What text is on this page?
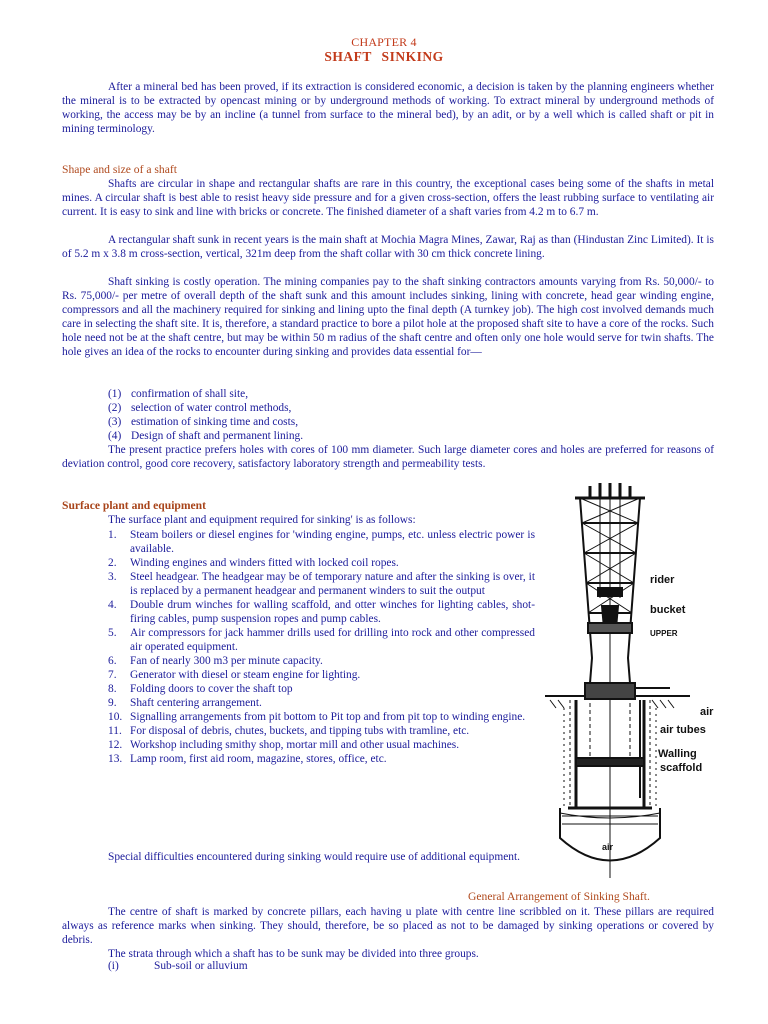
CHAPTER 4
SHAFT SINKING

After a mineral bed has been proved, if its extraction is considered economic, a decision is taken by the planning engineers whether the mineral is to be extracted by opencast mining or by underground methods of working. To extract mineral by underground methods of working, the access may be by an incline (a tunnel from surface to the mineral bed), by an adit, or by a well which is called shaft or pit in mining terminology.

Shape and size of a shaft

Shafts are circular in shape and rectangular shafts are rare in this country, the exceptional cases being some of the shafts in metal mines. A circular shaft is best able to resist heavy side pressure and for a given cross-section, offers the least rubbing surface to ventilating air current. It is easy to sink and line with bricks or concrete. The finished diameter of a shaft varies from 4.2 m to 6.7 m.

A rectangular shaft sunk in recent years is the main shaft at Mochia Magra Mines, Zawar, Raj as than (Hindustan Zinc Limited). It is of 5.2 m x 3.8 m cross-section, vertical, 321m deep from the shaft collar with 30 cm thick concrete lining.

Shaft sinking is costly operation. The mining companies pay to the shaft sinking contractors amounts varying from Rs. 50,000/- to Rs. 75,000/- per metre of overall depth of the shaft sunk and this amount includes sinking, lining with concrete, head gear winding engine, compressors and all the machinery required for sinking and lining upto the final depth (A turnkey job). The high cost involved demands much care in selecting the shaft site. It is, therefore, a standard practice to bore a pilot hole at the proposed shaft site to have a core of the rocks. Such hole need not be at the shaft centre, but may be within 50 m radius of the shaft centre and often only one hole would serve for twin shafts. The hole gives an idea of the rocks to encounter during sinking and provides data essential for—

(1) confirmation of shall site,
(2) selection of water control methods,
(3) estimation of sinking time and costs,
(4) Design of shaft and permanent lining.

The present practice prefers holes with cores of 100 mm diameter. Such large diameter cores and holes are preferred for reasons of deviation control, good core recovery, satisfactory laboratory strength and permeability tests.

Surface plant and equipment
The surface plant and equipment required for sinking' is as follows:
1. Steam boilers or diesel engines for 'winding engine, pumps, etc. unless electric power is available.
2. Winding engines and winders fitted with locked coil ropes.
3. Steel headgear. The headgear may be of temporary nature and after the sinking is over, it is replaced by a permanent headgear and permanent winders to suit the output
4. Double drum winches for walling scaffold, and otter winches for lighting cables, shot-firing cables, pump suspension ropes and pump cables.
5. Air compressors for jack hammer drills used for drilling into rock and other compressed air operated equipment.
6. Fan of nearly 300 m3 per minute capacity.
7. Generator with diesel or steam engine for lighting.
8. Folding doors to cover the shaft top
9. Shaft centering arrangement.
10. Signalling arrangements from pit bottom to Pit top and from pit top to winding engine.
11. For disposal of debris, chutes, buckets, and tipping tubs with tramline, etc.
12. Workshop including smithy shop, mortar mill and other usual machines.
13. Lamp room, first aid room, magazine, stores, office, etc.

Special difficulties encountered during sinking would require use of additional equipment.

rider
bucket
UPPER
air
air tubes
Walling
scaffold
air
General Arrangement of Sinking Shaft.

The centre of shaft is marked by concrete pillars, each having u plate with centre line scribbled on it. These pillars are required always as reference marks when sinking. They should, therefore, be so placed as not to be damaged by sinking operations or covered by debris.

The strata through which a shaft has to be sunk may be divided into three groups.

(i)	Sub-soil or alluvium
